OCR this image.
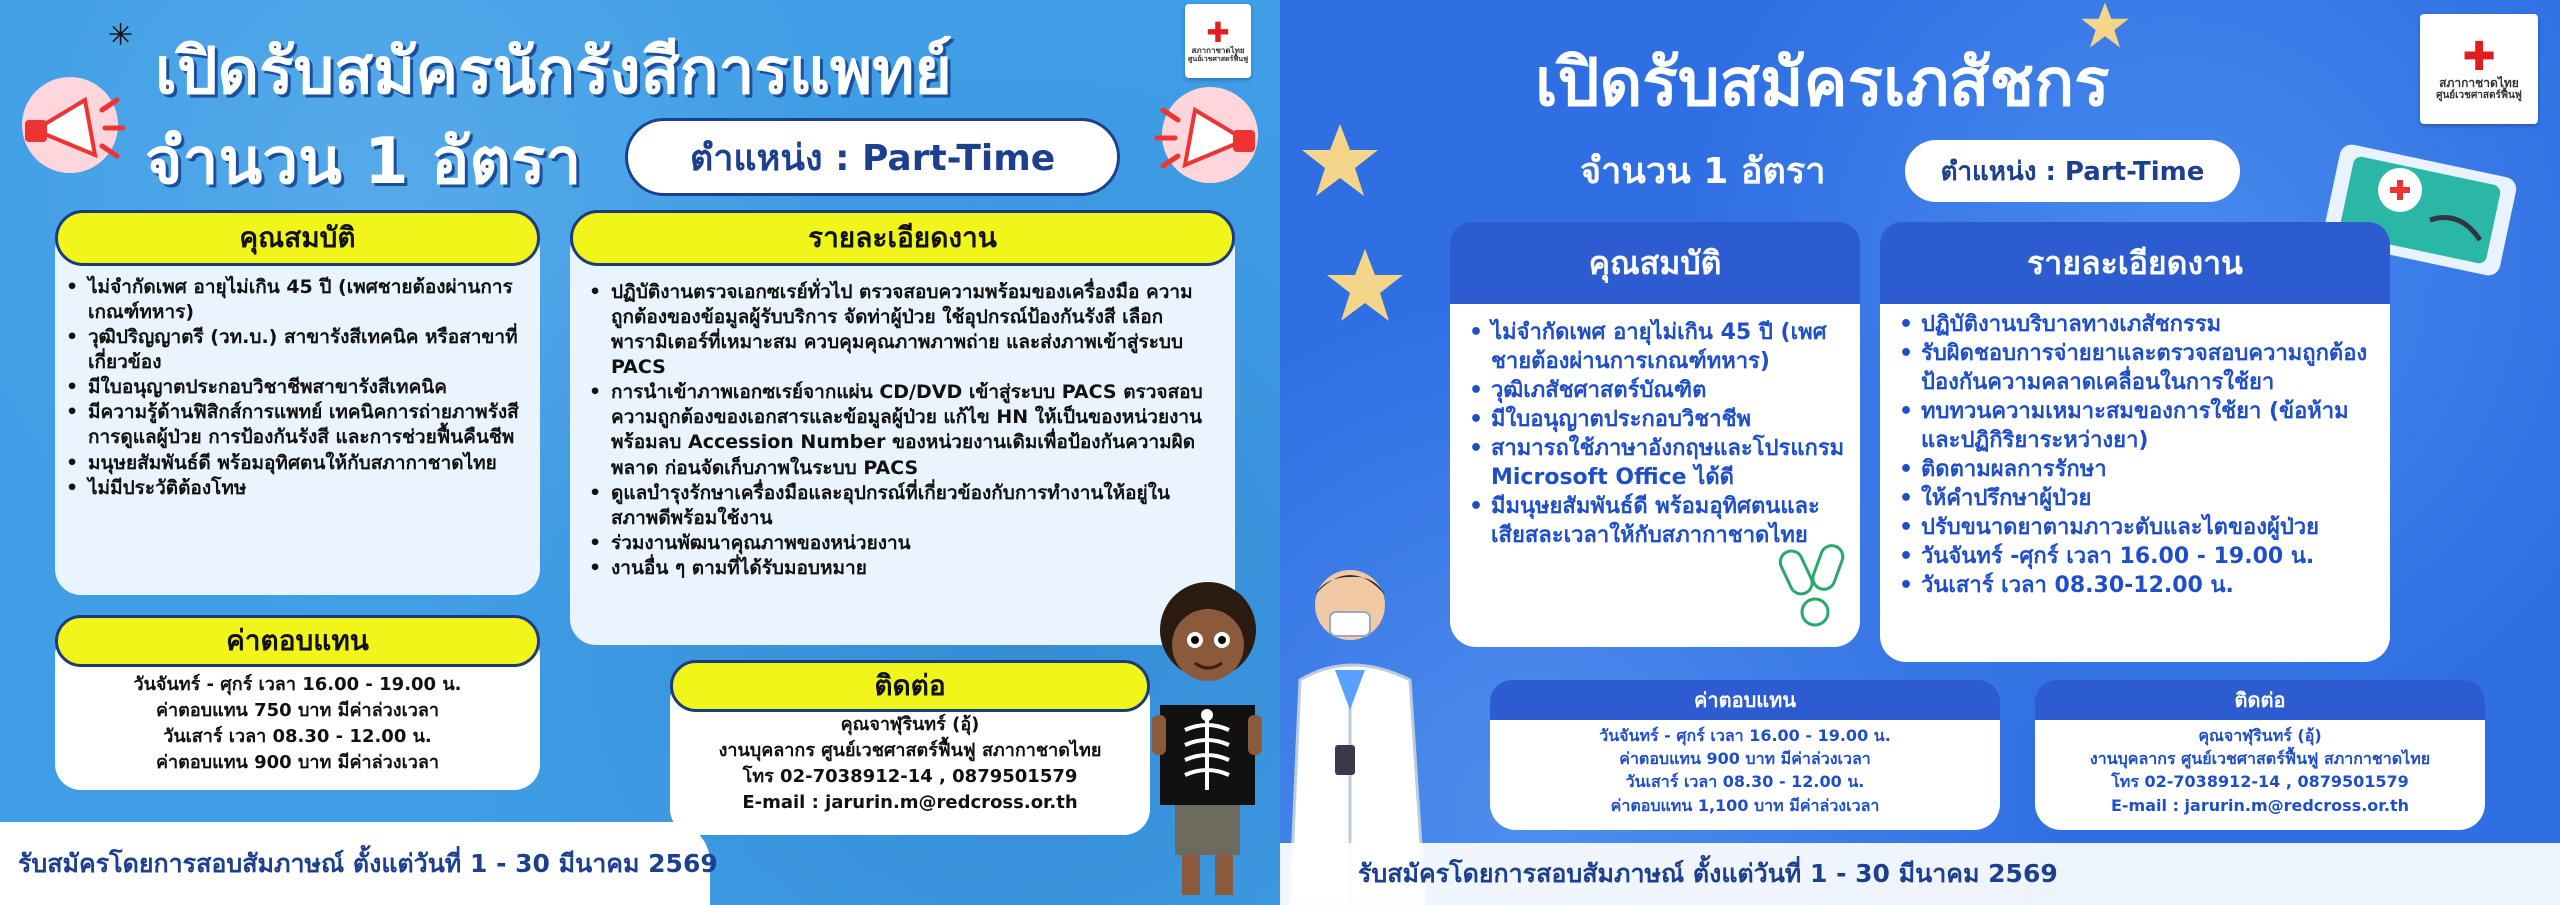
✳	✚
สภากาชาดไทย
ศูนย์เวชศาสตร์ฟื้นฟู
เปิดรับสมัครนักรังสีการแพทย์
จำนวน 1 อัตรา	ตำแหน่ง : Part-Time
คุณสมบัติ
• ไม่จำกัดเพศ อายุไม่เกิน 45 ปี (เพศชายต้องผ่านการเกณฑ์ทหาร)
• วุฒิปริญญาตรี (วท.บ.) สาขารังสีเทคนิค หรือสาขาที่เกี่ยวข้อง
• มีใบอนุญาตประกอบวิชาชีพสาขารังสีเทคนิค
• มีความรู้ด้านฟิสิกส์การแพทย์ เทคนิคการถ่ายภาพรังสี การดูแลผู้ป่วย การป้องกันรังสี และการช่วยฟื้นคืนชีพ
• มนุษยสัมพันธ์ดี พร้อมอุทิศตนให้กับสภากาชาดไทย
• ไม่มีประวัติต้องโทษ
รายละเอียดงาน
• ปฏิบัติงานตรวจเอกซเรย์ทั่วไป ตรวจสอบความพร้อมของเครื่องมือ ความถูกต้องของข้อมูลผู้รับบริการ จัดท่าผู้ป่วย ใช้อุปกรณ์ป้องกันรังสี เลือกพารามิเตอร์ที่เหมาะสม ควบคุมคุณภาพภาพถ่าย และส่งภาพเข้าสู่ระบบ PACS
• การนำเข้าภาพเอกซเรย์จากแผ่น CD/DVD เข้าสู่ระบบ PACS ตรวจสอบความถูกต้องของเอกสารและข้อมูลผู้ป่วย แก้ไข HN ให้เป็นของหน่วยงาน พร้อมลบ Accession Number ของหน่วยงานเดิมเพื่อป้องกันความผิดพลาด ก่อนจัดเก็บภาพในระบบ PACS
• ดูแลบำรุงรักษาเครื่องมือและอุปกรณ์ที่เกี่ยวข้องกับการทำงานให้อยู่ในสภาพดีพร้อมใช้งาน
• ร่วมงานพัฒนาคุณภาพของหน่วยงาน
• งานอื่น ๆ ตามที่ได้รับมอบหมาย
ค่าตอบแทน
วันจันทร์ - ศุกร์ เวลา 16.00 - 19.00 น.
ค่าตอบแทน 750 บาท มีค่าล่วงเวลา
วันเสาร์ เวลา 08.30 - 12.00 น.
ค่าตอบแทน 900 บาท มีค่าล่วงเวลา
ติดต่อ
คุณจาฬุรินทร์ (อุ้)
งานบุคลากร ศูนย์เวชศาสตร์ฟื้นฟู สภากาชาดไทย
โทร 02-7038912-14 , 0879501579
E-mail : jarurin.m@redcross.or.th
รับสมัครโดยการสอบสัมภาษณ์ ตั้งแต่วันที่ 1 - 30 มีนาคม 2569
✚
สภากาชาดไทย
ศูนย์เวชศาสตร์ฟื้นฟู
เปิดรับสมัครเภสัชกร
จำนวน 1 อัตรา	ตำแหน่ง : Part-Time
คุณสมบัติ
• ไม่จำกัดเพศ อายุไม่เกิน 45 ปี (เพศชายต้องผ่านการเกณฑ์ทหาร)
• วุฒิเภสัชศาสตร์บัณฑิต
• มีใบอนุญาตประกอบวิชาชีพ
• สามารถใช้ภาษาอังกฤษและโปรแกรม Microsoft Office ได้ดี
• มีมนุษยสัมพันธ์ดี พร้อมอุทิศตนและเสียสละเวลาให้กับสภากาชาดไทย
รายละเอียดงาน
• ปฏิบัติงานบริบาลทางเภสัชกรรม
• รับผิดชอบการจ่ายยาและตรวจสอบความถูกต้องป้องกันความคลาดเคลื่อนในการใช้ยา
• ทบทวนความเหมาะสมของการใช้ยา (ข้อห้ามและปฏิกิริยาระหว่างยา)
• ติดตามผลการรักษา
• ให้คำปรึกษาผู้ป่วย
• ปรับขนาดยาตามภาวะตับและไตของผู้ป่วย
• วันจันทร์ -ศุกร์ เวลา 16.00 - 19.00 น.
• วันเสาร์ เวลา 08.30-12.00 น.
ค่าตอบแทน
วันจันทร์ - ศุกร์ เวลา 16.00 - 19.00 น.
ค่าตอบแทน 900 บาท มีค่าล่วงเวลา
วันเสาร์ เวลา 08.30 - 12.00 น.
ค่าตอบแทน 1,100 บาท มีค่าล่วงเวลา
ติดต่อ
คุณจาฬุรินทร์ (อุ้)
งานบุคลากร ศูนย์เวชศาสตร์ฟื้นฟู สภากาชาดไทย
โทร 02-7038912-14 , 0879501579
E-mail : jarurin.m@redcross.or.th
รับสมัครโดยการสอบสัมภาษณ์ ตั้งแต่วันที่ 1 - 30 มีนาคม 2569
